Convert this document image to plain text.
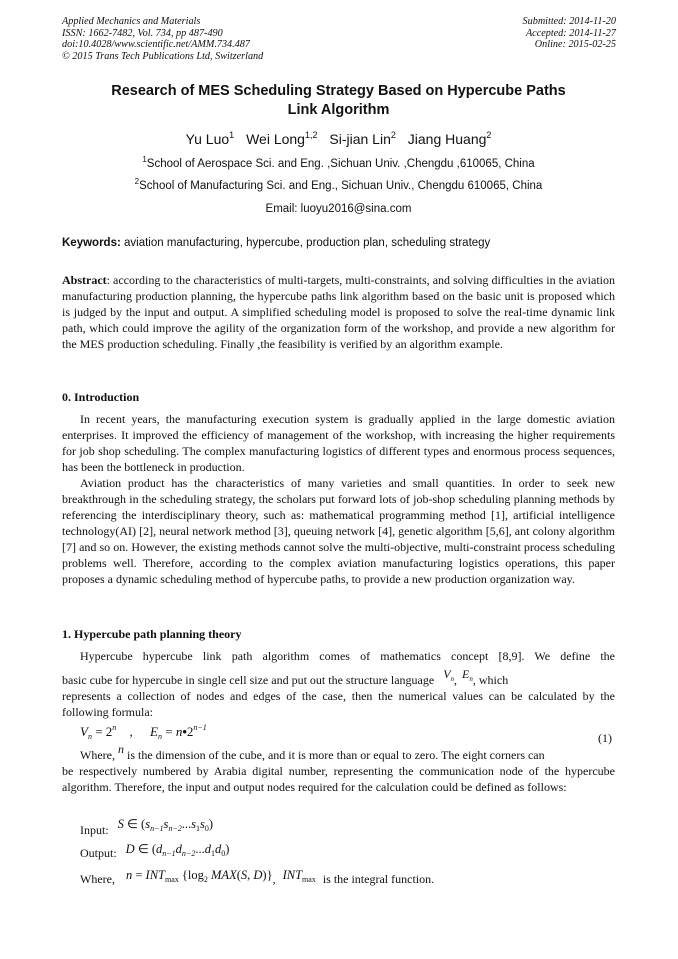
Applied Mechanics and Materials
ISSN: 1662-7482, Vol. 734, pp 487-490
doi:10.4028/www.scientific.net/AMM.734.487
© 2015 Trans Tech Publications Ltd, Switzerland
Submitted: 2014-11-20
Accepted: 2014-11-27
Online: 2015-02-25
Research of MES Scheduling Strategy Based on Hypercube Paths
Link Algorithm
Yu Luo$^1$ Wei Long$^{1,2}$ Si-jian Lin$^2$ Jiang Huang$^2$
$^1$School of Aerospace Sci. and Eng. ,Sichuan Univ. ,Chengdu ,610065, China
$^2$School of Manufacturing Sci. and Eng., Sichuan Univ., Chengdu 610065, China
Email: luoyu2016@sina.com
Keywords: aviation manufacturing, hypercube, production plan, scheduling strategy
Abstract: according to the characteristics of multi-targets, multi-constraints, and solving difficulties in the aviation manufacturing production planning, the hypercube paths link algorithm based on the basic unit is proposed which is judged by the input and output. A simplified scheduling model is proposed to solve the real-time dynamic link path, which could improve the agility of the organization form of the workshop, and provide a new algorithm for the MES production scheduling. Finally ,the feasibility is verified by an algorithm example.
0. Introduction
In recent years, the manufacturing execution system is gradually applied in the large domestic aviation enterprises. It improved the efficiency of management of the workshop, with increasing the higher requirements for job shop scheduling. The complex manufacturing logistics of different types and enormous process sequences, has been the bottleneck in production.
Aviation product has the characteristics of many varieties and small quantities. In order to seek new breakthrough in the scheduling strategy, the scholars put forward lots of job-shop scheduling planning methods by referencing the interdisciplinary theory, such as: mathematical programming method [1], artificial intelligence technology(AI) [2], neural network method [3], queuing network [4], genetic algorithm [5,6], ant colony algorithm [7] and so on. However, the existing methods cannot solve the multi-objective, multi-constraint process scheduling problems well. Therefore, according to the complex aviation manufacturing logistics operations, this paper proposes a dynamic scheduling method of hypercube paths, to provide a new production organization way.
1. Hypercube path planning theory
Hypercube hypercube link path algorithm comes of mathematics concept [8,9]. We define the
basic cube for hypercube in single cell size and put out the structure language $V_n$, $E_n$, which
represents a collection of nodes and edges of the case, then the numerical values can be calculated by the following formula:
$V_n = 2^n$ , $E_n$ = $n•2^{n-1}$
(1)
Where, n is the dimension of the cube, and it is more than or equal to zero. The eight corners can
be respectively numbered by Arabia digital number, representing the communication node of the hypercube algorithm. Therefore, the input and output nodes required for the calculation could be defined as follows:
Input: S ∈ $(s_{n-1}s_{n-2}...s_1s_0)$
Output: D ∈ $(d_{n-1}d_{n-2}...d_1d_0)$
Where, $n = INT_{max}$ {$\log_2$ MAX(S, D)}, $INT_{max}$ is the integral function.
